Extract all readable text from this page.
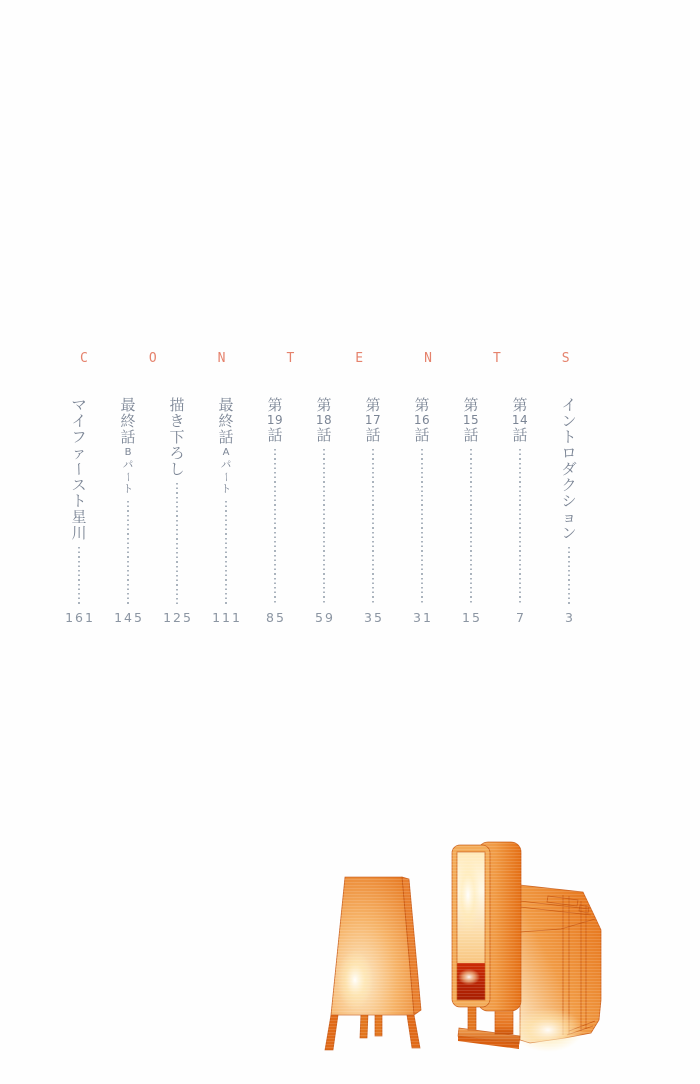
CONTENTS
イ
ン
ト
ロ
ダ
ク
シ
ョ
ン
3
第
14
話
7
第
15
話
15
第
16
話
31
第
17
話
35
第
18
話
59
第
19
話
85
最
終
話
A
パ
ー
ト
111
描
き
下
ろ
し
125
最
終
話
B
パ
ー
ト
145
マ
イ
フ
ァ
ー
ス
ト
星
川
161
